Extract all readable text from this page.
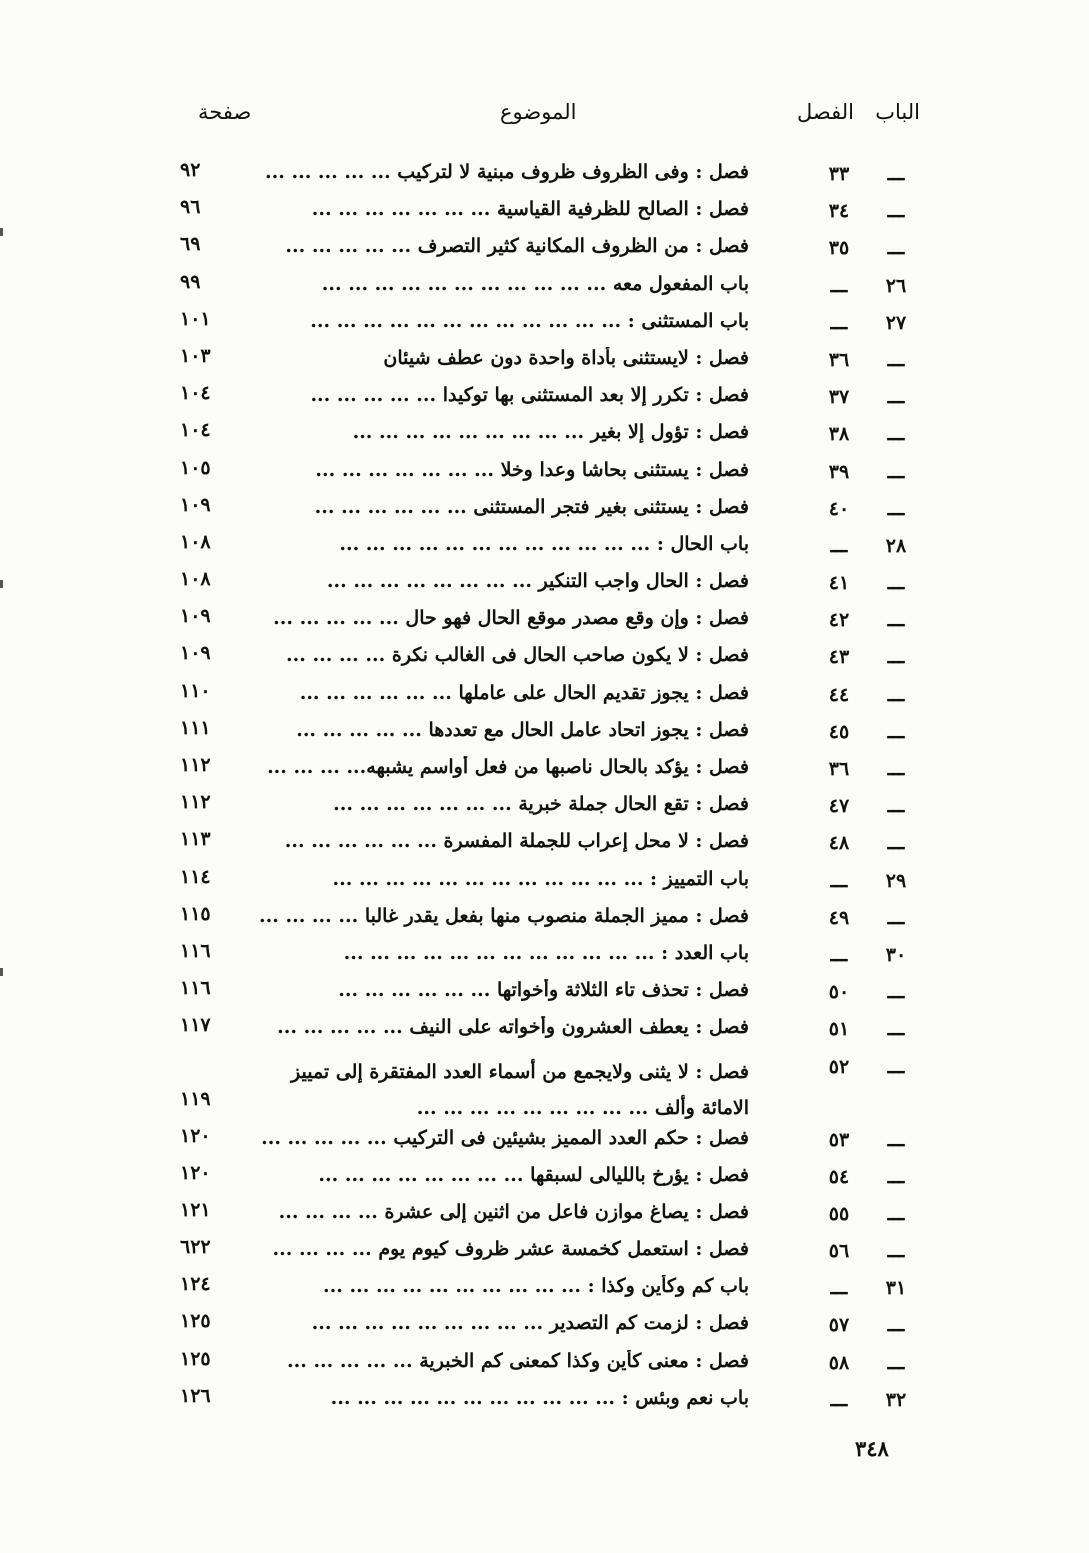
الباب
الفصل
الموضوع
صفحة
ـــ
٣٣
فصل : وفى الظروف ظروف مبنية لا لتركيب ... ... ... ... ...
٩٢
ـــ
٣٤
فصل : الصالح للظرفية القياسية ... ... ... ... ... ... ...
٩٦
ـــ
٣٥
فصل : من الظروف المكانية كثير التصرف ... ... ... ... ...
٦٩
٢٦
ـــ
باب المفعول معه ... ... ... ... ... ... ... ... ... ... ...
٩٩
٢٧
ـــ
باب المستثنى : ... ... ... ... ... ... ... ... ... ... ... ...
١٠١
ـــ
٣٦
فصل : لايستثنى بأداة واحدة دون عطف شيئان
١٠٣
ـــ
٣٧
فصل : تكرر إلا بعد المستثنى بها توكيدا ... ... ... ... ...
١٠٤
ـــ
٣٨
فصل : تؤول إلا بغير ... ... ... ... ... ... ... ... ...
١٠٤
ـــ
٣٩
فصل : يستثنى بحاشا وعدا وخلا ... ... ... ... ... ... ...
١٠٥
ـــ
٤٠
فصل : يستثنى بغير فتجر المستثنى ... ... ... ... ... ...
١٠٩
٢٨
ـــ
باب الحال : ... ... ... ... ... ... ... ... ... ... ... ...
١٠٨
ـــ
٤١
فصل : الحال واجب التنكير ... ... ... ... ... ... ... ...
١٠٨
ـــ
٤٢
فصل : وإن وقع مصدر موقع الحال فهو حال ... ... ... ... ...
١٠٩
ـــ
٤٣
فصل : لا يكون صاحب الحال فى الغالب نكرة ... ... ... ...
١٠٩
ـــ
٤٤
فصل : يجوز تقديم الحال على عاملها ... ... ... ... ... ...
١١٠
ـــ
٤٥
فصل : يجوز اتحاد عامل الحال مع تعددها ... ... ... ... ...
١١١
ـــ
٣٦
فصل : يؤكد بالحال ناصبها من فعل أواسم يشبهه... ... ... ...
١١٢
ـــ
٤٧
فصل : تقع الحال جملة خبرية ... ... ... ... ... ... ...
١١٢
ـــ
٤٨
فصل : لا محل إعراب للجملة المفسرة ... ... ... ... ... ...
١١٣
٢٩
ـــ
باب التمييز : ... ... ... ... ... ... ... ... ... ... ... ...
١١٤
ـــ
٤٩
فصل : مميز الجملة منصوب منها بفعل يقدر غالبا ... ... ... ...
١١٥
٣٠
ـــ
باب العدد : ... ... ... ... ... ... ... ... ... ... ... ...
١١٦
ـــ
٥٠
فصل : تحذف تاء الثلاثة وأخواتها ... ... ... ... ... ...
١١٦
ـــ
٥١
فصل : يعطف العشرون وأخواته على النيف ... ... ... ... ...
١١٧
ـــ
٥٢
فصل : لا يثنى ولايجمع من أسماء العدد المفتقرة إلى تمييز الامائة وألف ... ... ... ... ... ... ... ... ...
١١٩
ـــ
٥٣
فصل : حكم العدد المميز بشيئين فى التركيب ... ... ... ... ...
١٢٠
ـــ
٥٤
فصل : يؤرخ بالليالى لسبقها ... ... ... ... ... ... ... ...
١٢٠
ـــ
٥٥
فصل : يصاغ موازن فاعل من اثنين إلى عشرة ... ... ... ...
١٢١
ـــ
٥٦
فصل : استعمل كخمسة عشر ظروف كيوم يوم ... ... ... ...
٦٢٢
٣١
ـــ
باب كم وكأين وكذا : ... ... ... ... ... ... ... ... ... ...
١٢٤
ـــ
٥٧
فصل : لزمت كم التصدير ... ... ... ... ... ... ... ... ...
١٢٥
ـــ
٥٨
فصل : معنى كأين وكذا كمعنى كم الخبرية ... ... ... ... ...
١٢٥
٣٢
ـــ
باب نعم وبئس : ... ... ... ... ... ... ... ... ... ... ...
١٢٦
٣٤٨
